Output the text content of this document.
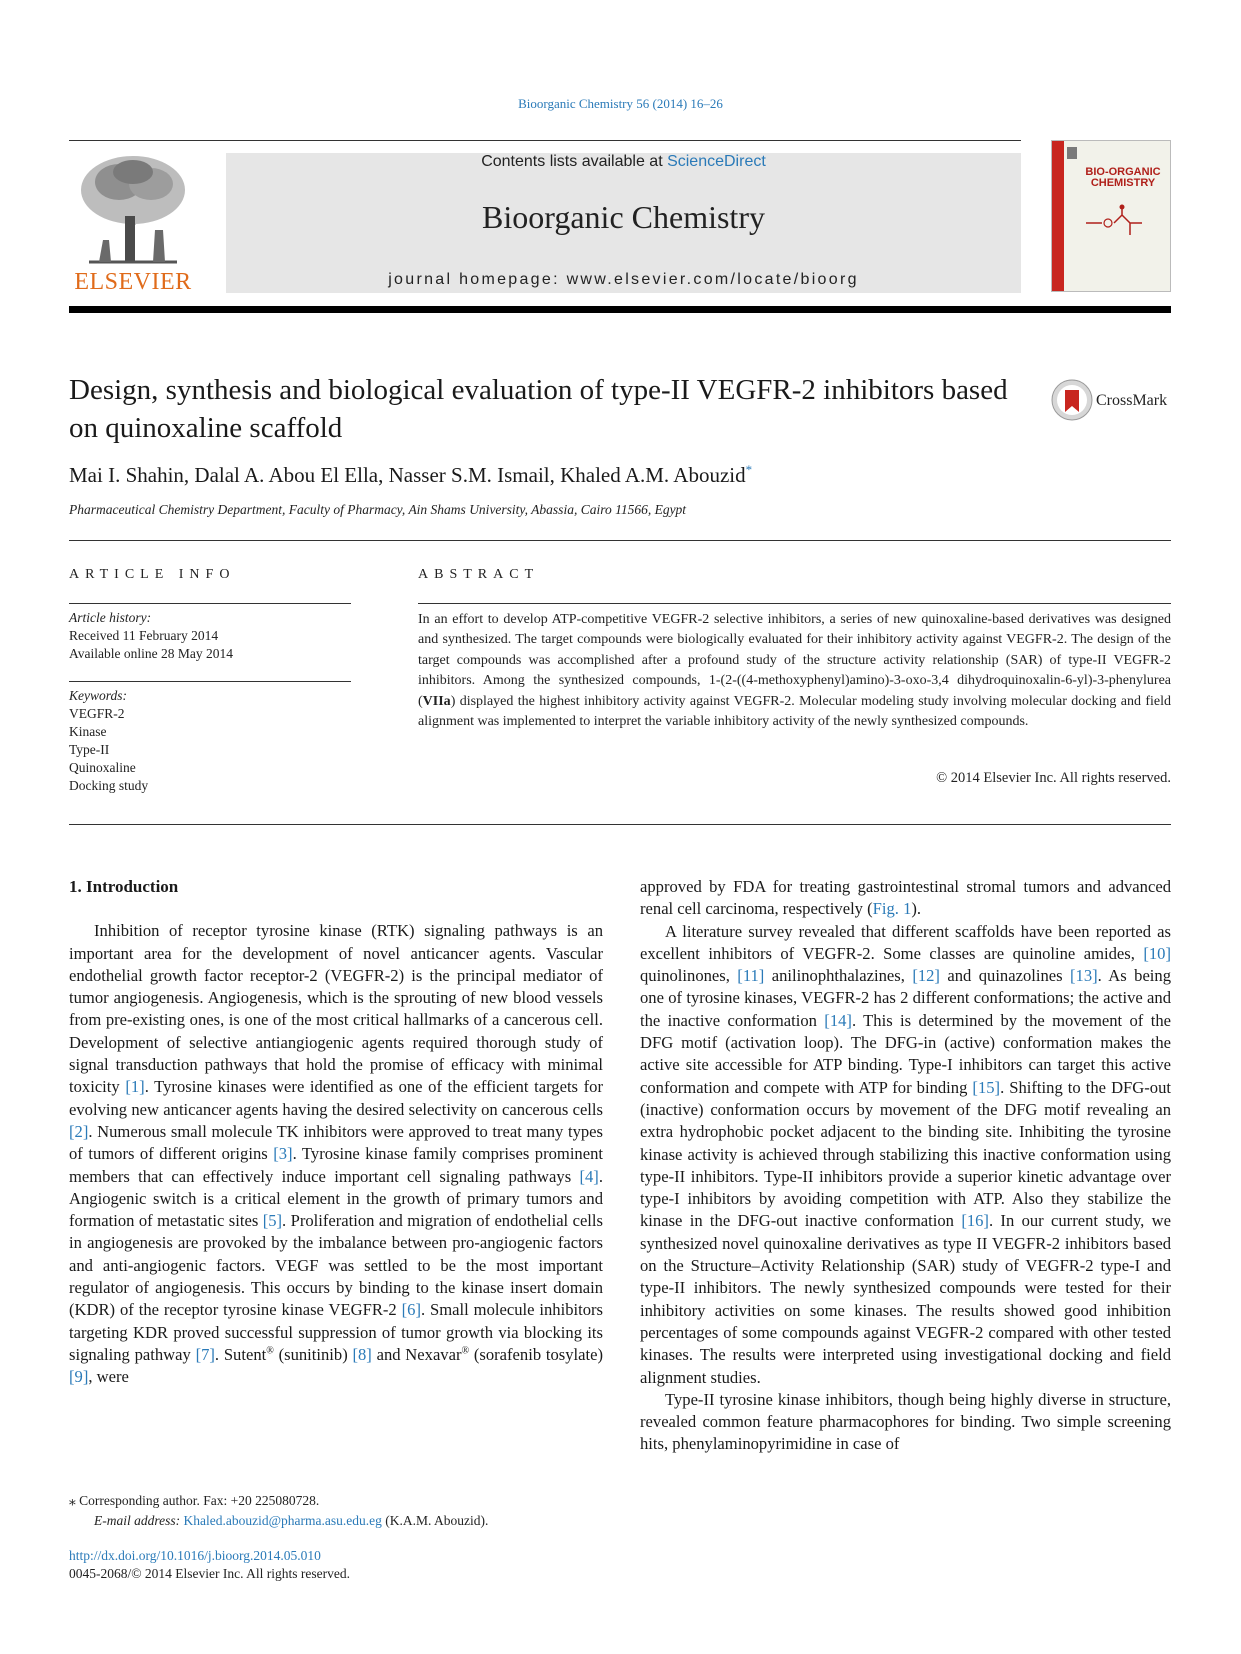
Bioorganic Chemistry 56 (2014) 16–26
ELSEVIER
Contents lists available at ScienceDirect
Bioorganic Chemistry
journal homepage: www.elsevier.com/locate/bioorg
BIO-ORGANIC CHEMISTRY
Design, synthesis and biological evaluation of type-II VEGFR-2 inhibitors based on quinoxaline scaffold
CrossMark
Mai I. Shahin, Dalal A. Abou El Ella, Nasser S.M. Ismail, Khaled A.M. Abouzid*
Pharmaceutical Chemistry Department, Faculty of Pharmacy, Ain Shams University, Abassia, Cairo 11566, Egypt
ARTICLE INFO	ABSTRACT
Article history:
Received 11 February 2014
Available online 28 May 2014
Keywords:
VEGFR-2
Kinase
Type-II
Quinoxaline
Docking study
In an effort to develop ATP-competitive VEGFR-2 selective inhibitors, a series of new quinoxaline-based derivatives was designed and synthesized. The target compounds were biologically evaluated for their inhibitory activity against VEGFR-2. The design of the target compounds was accomplished after a profound study of the structure activity relationship (SAR) of type-II VEGFR-2 inhibitors. Among the synthesized compounds, 1-(2-((4-methoxyphenyl)amino)-3-oxo-3,4 dihydroquinoxalin-6-yl)-3-phenylurea (VIIa) displayed the highest inhibitory activity against VEGFR-2. Molecular modeling study involving molecular docking and field alignment was implemented to interpret the variable inhibitory activity of the newly synthesized compounds.
© 2014 Elsevier Inc. All rights reserved.
1. Introduction

Inhibition of receptor tyrosine kinase (RTK) signaling pathways is an important area for the development of novel anticancer agents. Vascular endothelial growth factor receptor-2 (VEGFR-2) is the principal mediator of tumor angiogenesis. Angiogenesis, which is the sprouting of new blood vessels from pre-existing ones, is one of the most critical hallmarks of a cancerous cell. Development of selective antiangiogenic agents required thorough study of signal transduction pathways that hold the promise of efficacy with minimal toxicity [1]. Tyrosine kinases were identified as one of the efficient targets for evolving new anticancer agents having the desired selectivity on cancerous cells [2]. Numerous small molecule TK inhibitors were approved to treat many types of tumors of different origins [3]. Tyrosine kinase family comprises prominent members that can effectively induce important cell signaling pathways [4]. Angiogenic switch is a critical element in the growth of primary tumors and formation of metastatic sites [5]. Proliferation and migration of endothelial cells in angiogenesis are provoked by the imbalance between pro-angiogenic factors and anti-angiogenic factors. VEGF was settled to be the most important regulator of angiogenesis. This occurs by binding to the kinase insert domain (KDR) of the receptor tyrosine kinase VEGFR-2 [6]. Small molecule inhibitors targeting KDR proved successful suppression of tumor growth via blocking its signaling pathway [7]. Sutent® (sunitinib) [8] and Nexavar® (sorafenib tosylate) [9], were

approved by FDA for treating gastrointestinal stromal tumors and advanced renal cell carcinoma, respectively (Fig. 1).

A literature survey revealed that different scaffolds have been reported as excellent inhibitors of VEGFR-2. Some classes are quinoline amides, [10] quinolinones, [11] anilinophthalazines, [12] and quinazolines [13]. As being one of tyrosine kinases, VEGFR-2 has 2 different conformations; the active and the inactive conformation [14]. This is determined by the movement of the DFG motif (activation loop). The DFG-in (active) conformation makes the active site accessible for ATP binding. Type-I inhibitors can target this active conformation and compete with ATP for binding [15]. Shifting to the DFG-out (inactive) conformation occurs by movement of the DFG motif revealing an extra hydrophobic pocket adjacent to the binding site. Inhibiting the tyrosine kinase activity is achieved through stabilizing this inactive conformation using type-II inhibitors. Type-II inhibitors provide a superior kinetic advantage over type-I inhibitors by avoiding competition with ATP. Also they stabilize the kinase in the DFG-out inactive conformation [16]. In our current study, we synthesized novel quinoxaline derivatives as type II VEGFR-2 inhibitors based on the Structure–Activity Relationship (SAR) study of VEGFR-2 type-I and type-II inhibitors. The newly synthesized compounds were tested for their inhibitory activities on some kinases. The results showed good inhibition percentages of some compounds against VEGFR-2 compared with other tested kinases. The results were interpreted using investigational docking and field alignment studies.

Type-II tyrosine kinase inhibitors, though being highly diverse in structure, revealed common feature pharmacophores for binding. Two simple screening hits, phenylaminopyrimidine in case of

⁎ Corresponding author. Fax: +20 225080728.
E-mail address: Khaled.abouzid@pharma.asu.edu.eg (K.A.M. Abouzid).
http://dx.doi.org/10.1016/j.bioorg.2014.05.010
0045-2068/© 2014 Elsevier Inc. All rights reserved.
